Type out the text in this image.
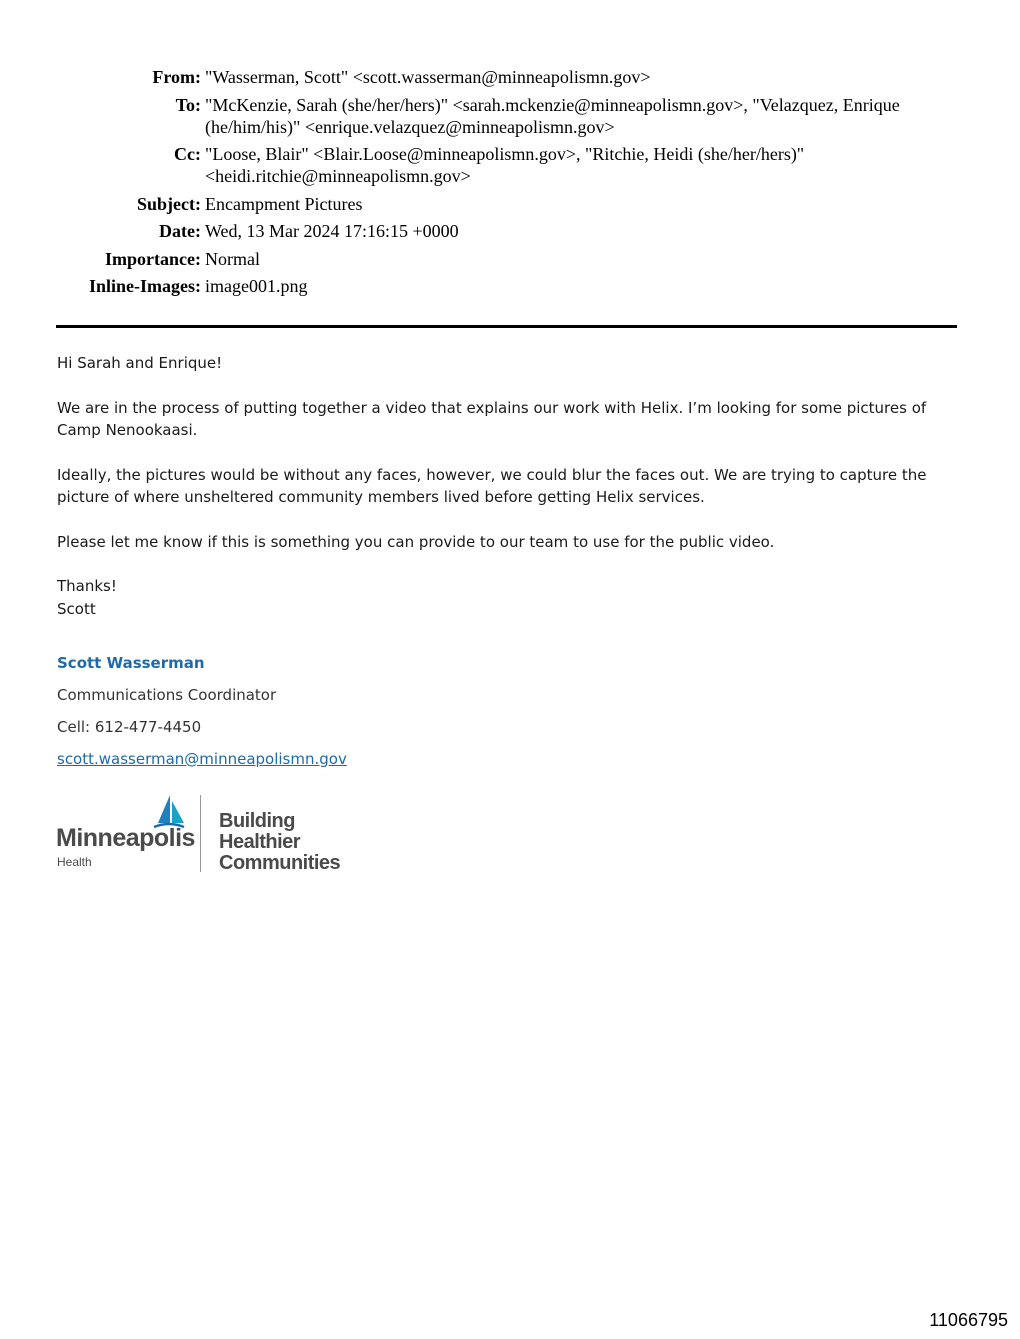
From: "Wasserman, Scott" <scott.wasserman@minneapolismn.gov>
To: "McKenzie, Sarah (she/her/hers)" <sarah.mckenzie@minneapolismn.gov>, "Velazquez, Enrique (he/him/his)" <enrique.velazquez@minneapolismn.gov>
Cc: "Loose, Blair" <Blair.Loose@minneapolismn.gov>, "Ritchie, Heidi (she/her/hers)" <heidi.ritchie@minneapolismn.gov>
Subject: Encampment Pictures
Date: Wed, 13 Mar 2024 17:16:15 +0000
Importance: Normal
Inline-Images: image001.png

Hi Sarah and Enrique!

We are in the process of putting together a video that explains our work with Helix. I’m looking for some pictures of Camp Nenookaasi.

Ideally, the pictures would be without any faces, however, we could blur the faces out. We are trying to capture the picture of where unsheltered community members lived before getting Helix services.

Please let me know if this is something you can provide to our team to use for the public video.

Thanks!
Scott

Scott Wasserman
Communications Coordinator
Cell: 612-477-4450
scott.wasserman@minneapolismn.gov
Minneapolis
Health
Building Healthier
Communities
11066795
